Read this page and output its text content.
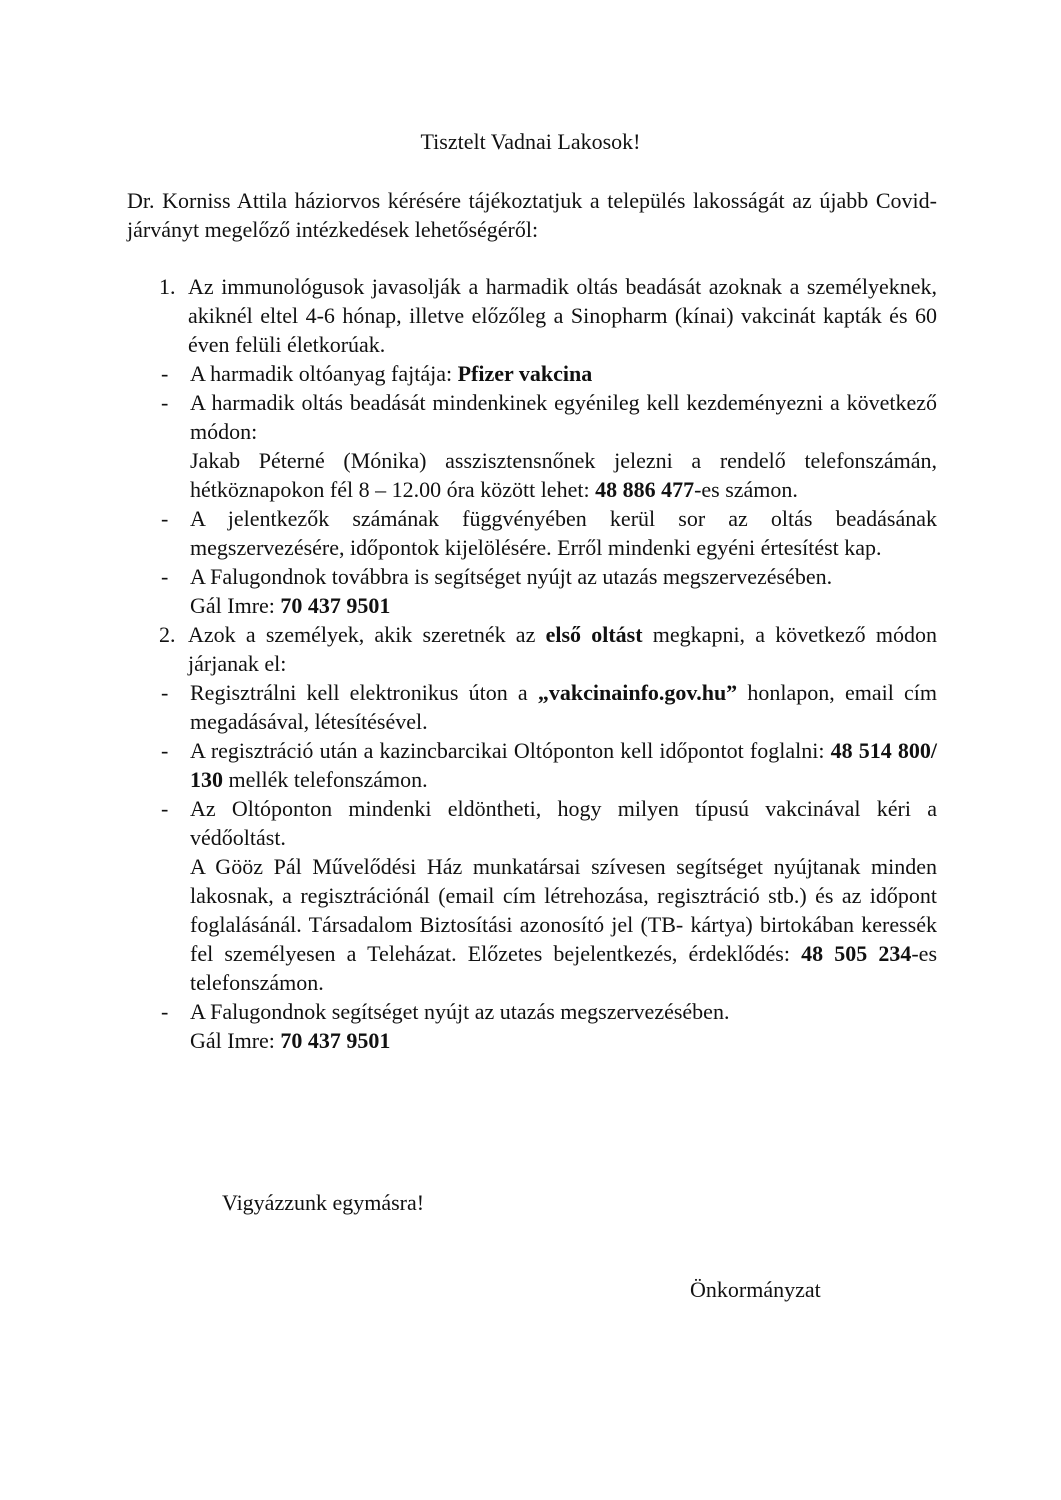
Tisztelt Vadnai Lakosok!
Dr. Korniss Attila háziorvos kérésére tájékoztatjuk a település lakosságát az újabb Covid- járványt megelőző intézkedések lehetőségéről:
1. Az immunológusok javasolják a harmadik oltás beadását azoknak a személyeknek, akiknél eltel 4-6 hónap, illetve előzőleg a Sinopharm (kínai) vakcinát kapták és 60 éven felüli életkorúak.
- A harmadik oltóanyag fajtája: Pfizer vakcina
- A harmadik oltás beadását mindenkinek egyénileg kell kezdeményezni a következő módon:
Jakab Péterné (Mónika) asszisztensnőnek jelezni a rendelő telefonszámán, hétköznapokon fél 8 – 12.00 óra között lehet: 48 886 477-es számon.
- A jelentkezők számának függvényében kerül sor az oltás beadásának megszervezésére, időpontok kijelölésére. Erről mindenki egyéni értesítést kap.
- A Falugondnok továbbra is segítséget nyújt az utazás megszervezésében.
Gál Imre: 70 437 9501
2. Azok a személyek, akik szeretnék az első oltást megkapni, a következő módon járjanak el:
- Regisztrálni kell elektronikus úton a „vakcinainfo.gov.hu” honlapon, email cím megadásával, létesítésével.
- A regisztráció után a kazincbarcikai Oltóponton kell időpontot foglalni: 48 514 800/ 130 mellék telefonszámon.
- Az Oltóponton mindenki eldöntheti, hogy milyen típusú vakcinával kéri a védőoltást.
A Gööz Pál Művelődési Ház munkatársai szívesen segítséget nyújtanak minden lakosnak, a regisztrációnál (email cím létrehozása, regisztráció stb.) és az időpont foglalásánál. Társadalom Biztosítási azonosító jel (TB- kártya) birtokában keressék fel személyesen a Teleházat. Előzetes bejelentkezés, érdeklődés: 48 505 234-es telefonszámon.
- A Falugondnok segítséget nyújt az utazás megszervezésében.
Gál Imre: 70 437 9501
Vigyázzunk egymásra!
Önkormányzat
